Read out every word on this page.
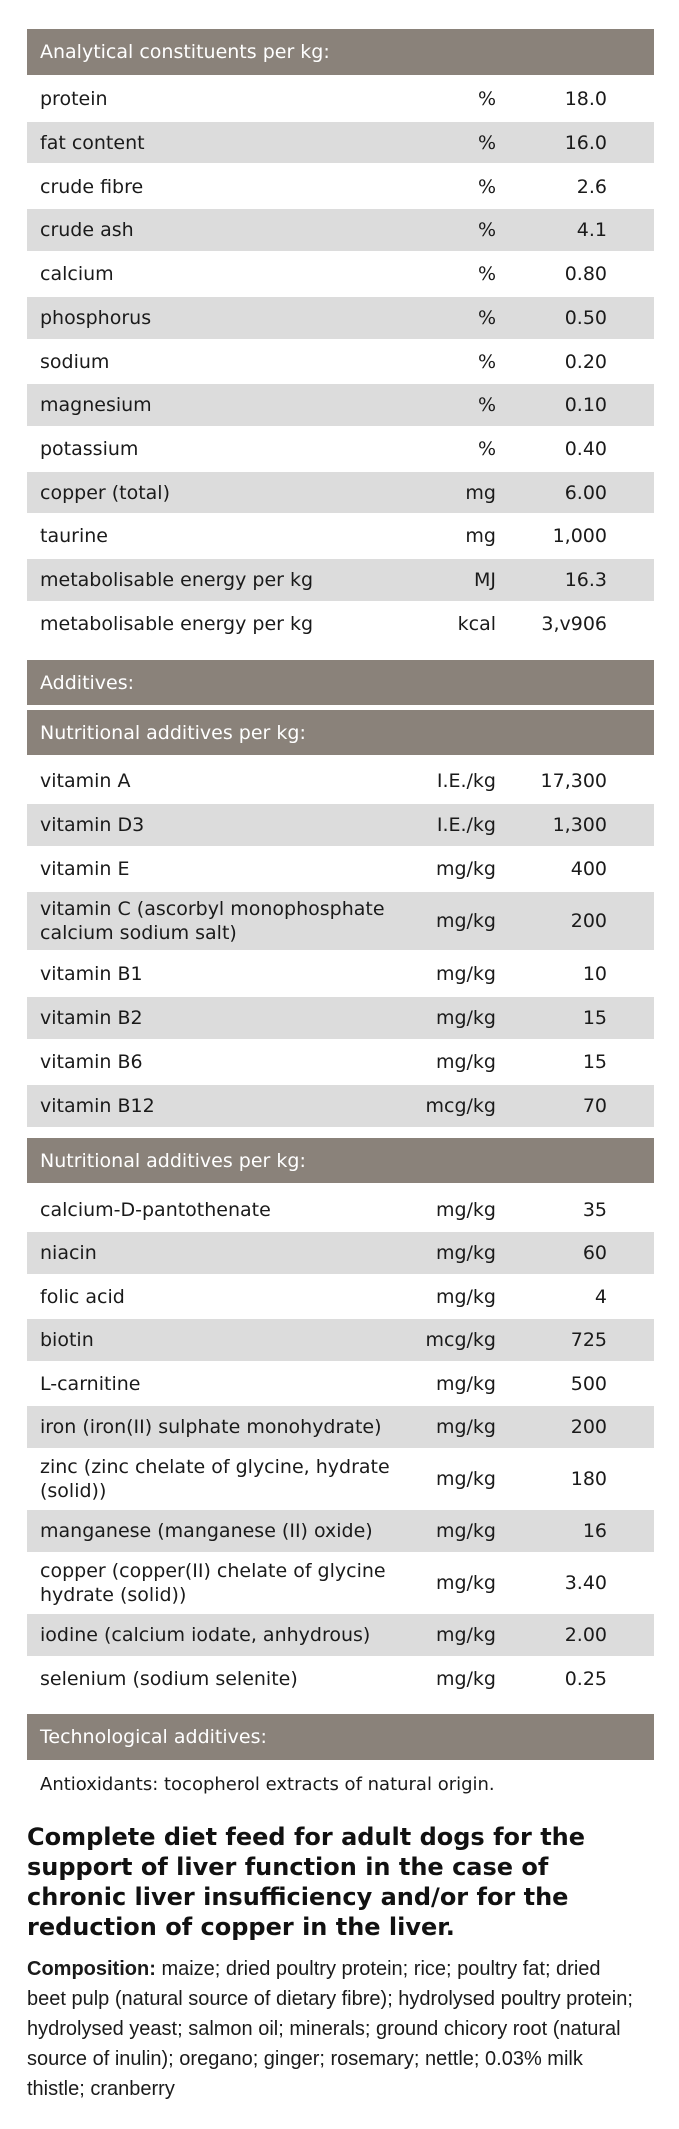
Analytical constituents per kg:
protein	%	18.0
fat content	%	16.0
crude fibre	%	2.6
crude ash	%	4.1
calcium	%	0.80
phosphorus	%	0.50
sodium	%	0.20
magnesium	%	0.10
potassium	%	0.40
copper (total)	mg	6.00
taurine	mg	1,000
metabolisable energy per kg	MJ	16.3
metabolisable energy per kg	kcal 3,v906
Additives:
Nutritional additives per kg:
vitamin A	I.E./kg 17,300
vitamin D3	I.E./kg	1,300
vitamin E	mg/kg	400
vitamin C (ascorbyl monophosphate calcium sodium salt)
mg/kg	200
vitamin B1	mg/kg	10
vitamin B2	mg/kg	15
vitamin B6	mg/kg	15
vitamin B12	mcg/kg	70
Nutritional additives per kg:
calcium-D-pantothenate	mg/kg	35
niacin	mg/kg	60
folic acid	mg/kg	4
biotin	mcg/kg	725
L-carnitine	mg/kg	500
iron (iron(II) sulphate monohydrate)	mg/kg	200
zinc (zinc chelate of glycine, hydrate (solid))
mg/kg	180
manganese (manganese (II) oxide)	mg/kg	16
copper (copper(II) chelate of glycine hydrate (solid))
mg/kg	3.40
iodine (calcium iodate, anhydrous)	mg/kg	2.00
selenium (sodium selenite)	mg/kg	0.25
Technological additives:
Antioxidants: tocopherol extracts of natural origin.
Complete diet feed for adult dogs for the support of liver function in the case of chronic liver insufficiency and/or for the reduction of copper in the liver.
Composition: maize; dried poultry protein; rice; poultry fat; dried beet pulp (natural source of dietary fibre); hydrolysed poultry protein; hydrolysed yeast; salmon oil; minerals; ground chicory root (natural source of inulin); oregano; ginger; rosemary; nettle; 0.03% milk thistle; cranberry
